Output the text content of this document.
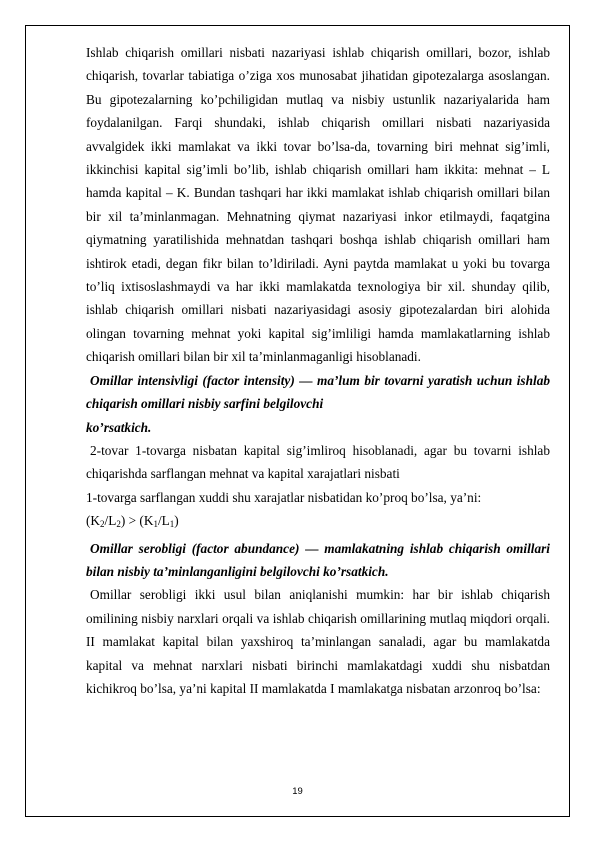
Ishlab chiqarish omillari nisbati nazariyasi ishlab chiqarish omillari, bozor, ishlab chiqarish, tovarlar tabiatiga o’ziga xos munosabat jihatidan gipotezalarga asoslangan. Bu gipotezalarning ko’pchiligidan mutlaq va nisbiy ustunlik nazariyalarida ham foydalanilgan. Farqi shundaki, ishlab chiqarish omillari nisbati nazariyasida avvalgidek ikki mamlakat va ikki tovar bo’lsa-da, tovarning biri mehnat sig’imli, ikkinchisi kapital sig’imli bo’lib, ishlab chiqarish omillari ham ikkita: mehnat – L hamda kapital – K. Bundan tashqari har ikki mamlakat ishlab chiqarish omillari bilan bir xil ta’minlanmagan. Mehnatning qiymat nazariyasi inkor etilmaydi, faqatgina qiymatning yaratilishida mehnatdan tashqari boshqa ishlab chiqarish omillari ham ishtirok etadi, degan fikr bilan to’ldiriladi. Ayni paytda mamlakat u yoki bu tovarga to’liq ixtisoslashmaydi va har ikki mamlakatda texnologiya bir xil. shunday qilib, ishlab chiqarish omillari nisbati nazariyasidagi asosiy gipotezalardan biri alohida olingan tovarning mehnat yoki kapital sig’imliligi hamda mamlakatlarning ishlab chiqarish omillari bilan bir xil ta’minlanmaganligi hisoblanadi.

Omillar intensivligi (factor intensity) — ma’lum bir tovarni yaratish uchun ishlab chiqarish omillari nisbiy sarfini belgilovchi

ko’rsatkich.

2-tovar 1-tovarga nisbatan kapital sig’imliroq hisoblanadi, agar bu tovarni ishlab chiqarishda sarflangan mehnat va kapital xarajatlari nisbati

1-tovarga sarflangan xuddi shu xarajatlar nisbatidan ko’proq bo’lsa, ya’ni:

$(K_2/L_2) > (K_1/L_1)$

Omillar serobligi (factor abundance) — mamlakatning ishlab chiqarish omillari bilan nisbiy ta’minlanganligini belgilovchi ko’rsatkich.

Omillar serobligi ikki usul bilan aniqlanishi mumkin: har bir ishlab chiqarish omilining nisbiy narxlari orqali va ishlab chiqarish omillarining mutlaq miqdori orqali. II mamlakat kapital bilan yaxshiroq ta’minlangan sanaladi, agar bu mamlakatda kapital va mehnat narxlari nisbati birinchi mamlakatdagi xuddi shu nisbatdan kichikroq bo’lsa, ya’ni kapital II mamlakatda I mamlakatga nisbatan arzonroq bo’lsa:

19
